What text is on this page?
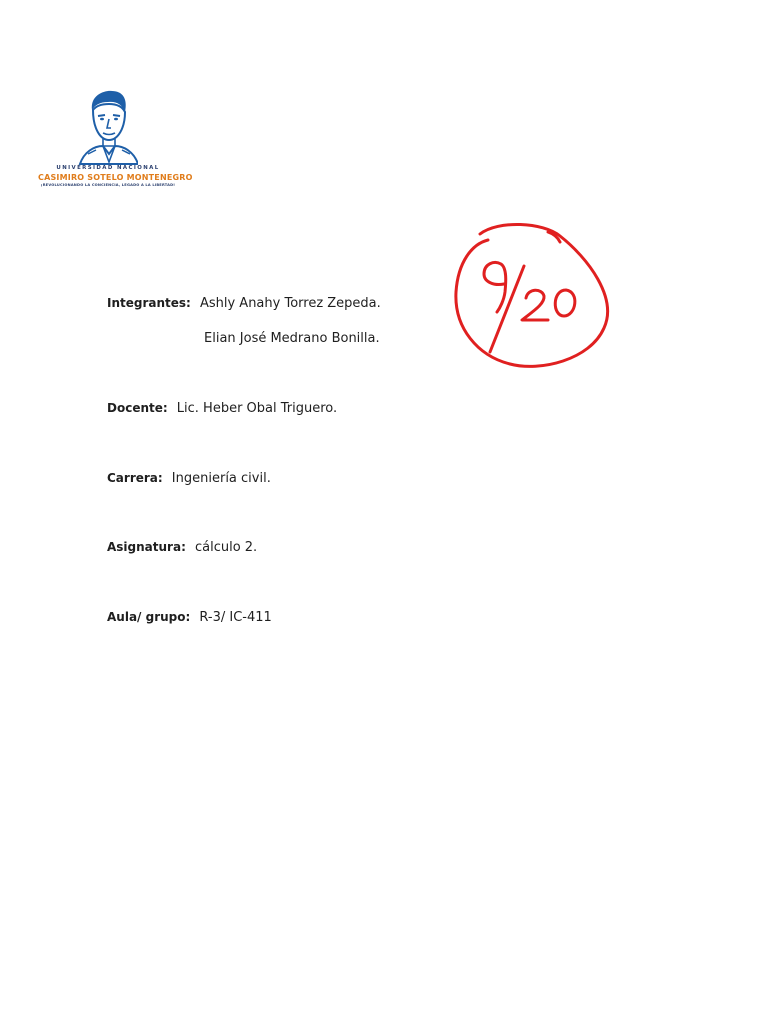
UNIVERSIDAD NACIONAL
CASIMIRO SOTELO MONTENEGRO
¡REVOLUCIONANDO LA CONCIENCIA, LEGADO A LA LIBERTAD!
Integrantes: Ashly Anahy Torrez Zepeda.
Elian José Medrano Bonilla.
Docente: Lic. Heber Obal Triguero.
Carrera: Ingeniería civil.
Asignatura: cálculo 2.
Aula/ grupo: R-3/ IC-411
